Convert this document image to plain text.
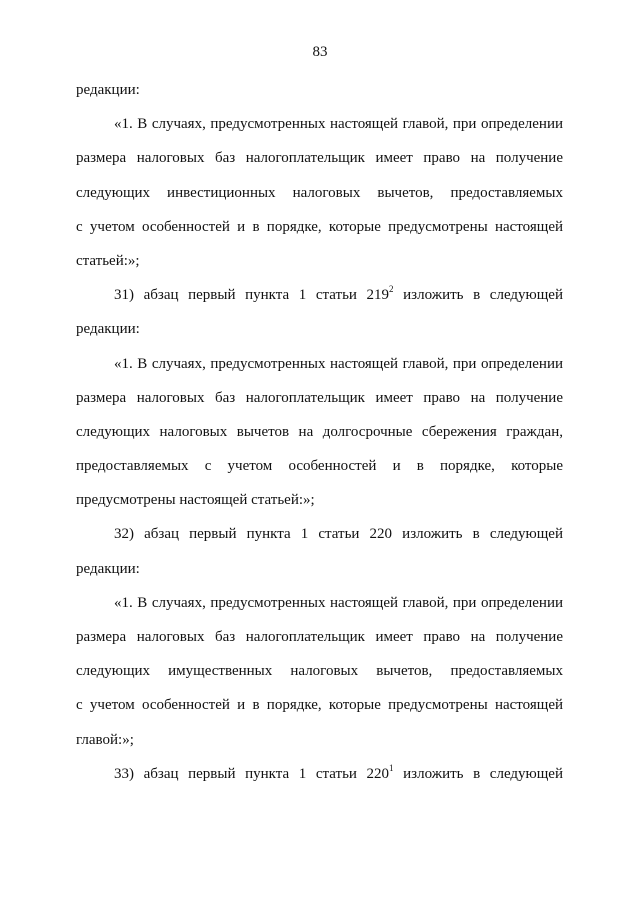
83
редакции:
«1. В случаях, предусмотренных настоящей главой, при определении
размера налоговых баз налогоплательщик имеет право на получение
следующих инвестиционных налоговых вычетов, предоставляемых
с учетом особенностей и в порядке, которые предусмотрены настоящей
статьей:»;
31) абзац первый пункта 1 статьи $219^2$ изложить в следующей
редакции:
«1. В случаях, предусмотренных настоящей главой, при определении
размера налоговых баз налогоплательщик имеет право на получение
следующих налоговых вычетов на долгосрочные сбережения граждан,
предоставляемых с учетом особенностей и в порядке, которые
предусмотрены настоящей статьей:»;
32) абзац первый пункта 1 статьи 220 изложить в следующей
редакции:
«1. В случаях, предусмотренных настоящей главой, при определении
размера налоговых баз налогоплательщик имеет право на получение
следующих имущественных налоговых вычетов, предоставляемых
с учетом особенностей и в порядке, которые предусмотрены настоящей
главой:»;
33) абзац первый пункта 1 статьи $220^1$ изложить в следующей
